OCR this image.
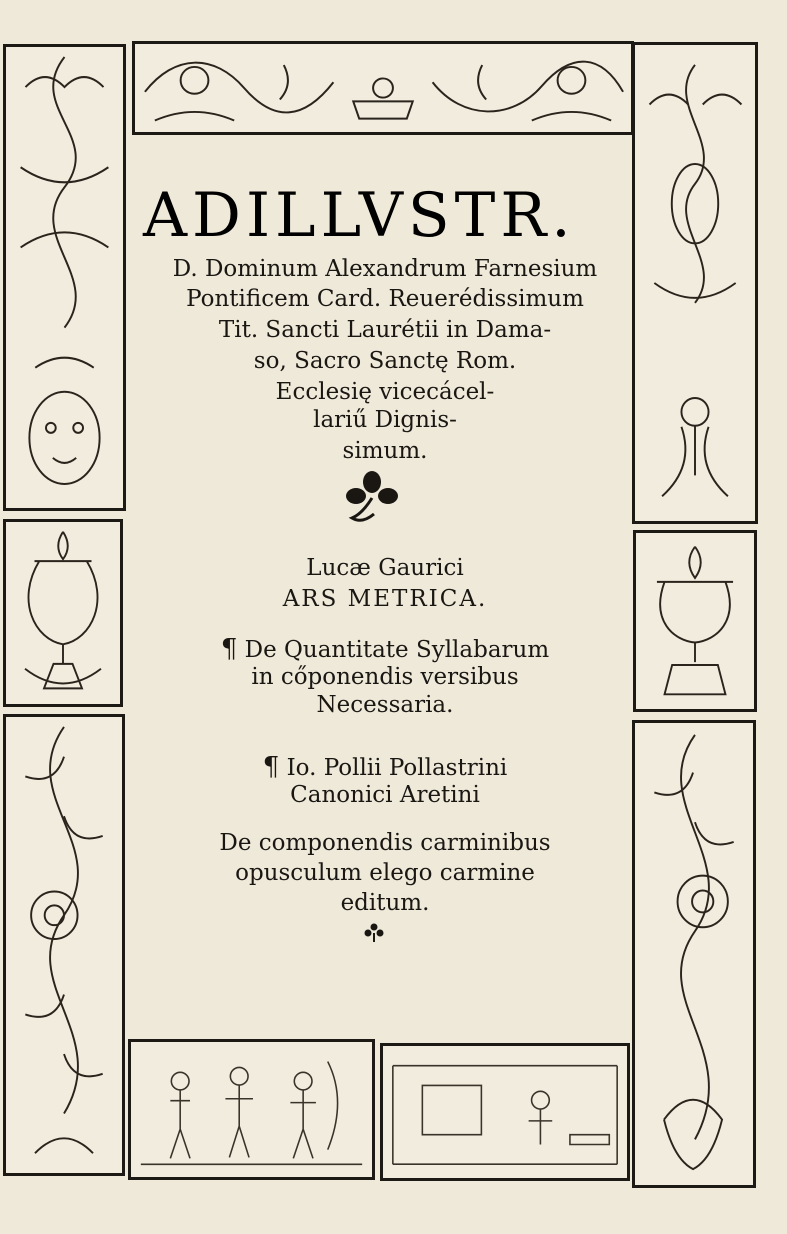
ADILLVSTR.
D. Dominum Alexandrum Farnesium
Pontificem Card. Reuerédissimum
Tit. Sancti Laurétii in Dama-
so, Sacro Sanctę Rom.
Ecclesię vicecácel-
lariű Dignis-
simum.
Lucæ Gaurici
ARS METRICA.
¶ De Quantitate Syllabarum
in cőponendis versibus
Necessaria.
¶ Io. Pollii Pollastrini
Canonici Aretini
De componendis carminibus
opusculum elego carmine
editum.
